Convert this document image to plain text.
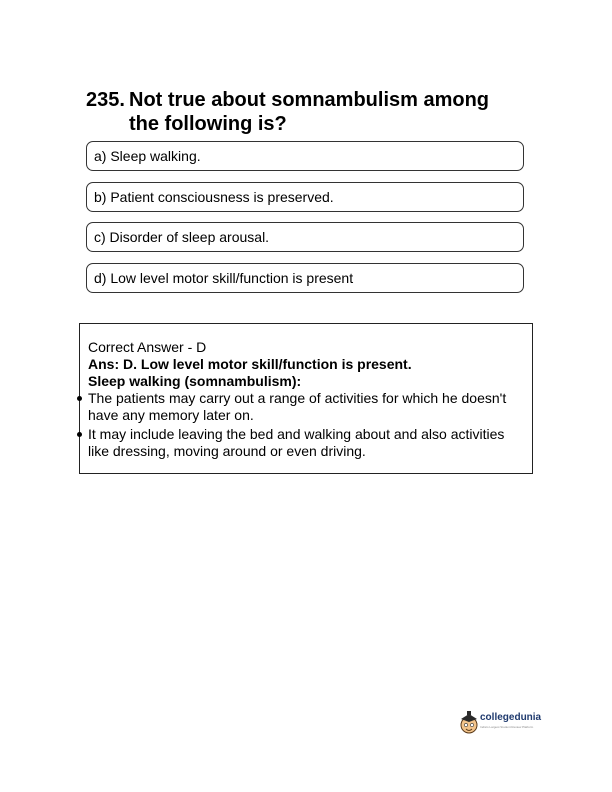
235. Not true about somnambulism among
the following is?
a) Sleep walking.
b) Patient consciousness is preserved.
c) Disorder of sleep arousal.
d) Low level motor skill/function is present
Correct Answer - D
Ans: D. Low level motor skill/function is present.
Sleep walking (somnambulism):
The patients may carry out a range of activities for which he doesn't
have any memory later on.
It may include leaving the bed and walking about and also activities
like dressing, moving around or even driving.
collegedunia
India's Largest Student Review Platform
